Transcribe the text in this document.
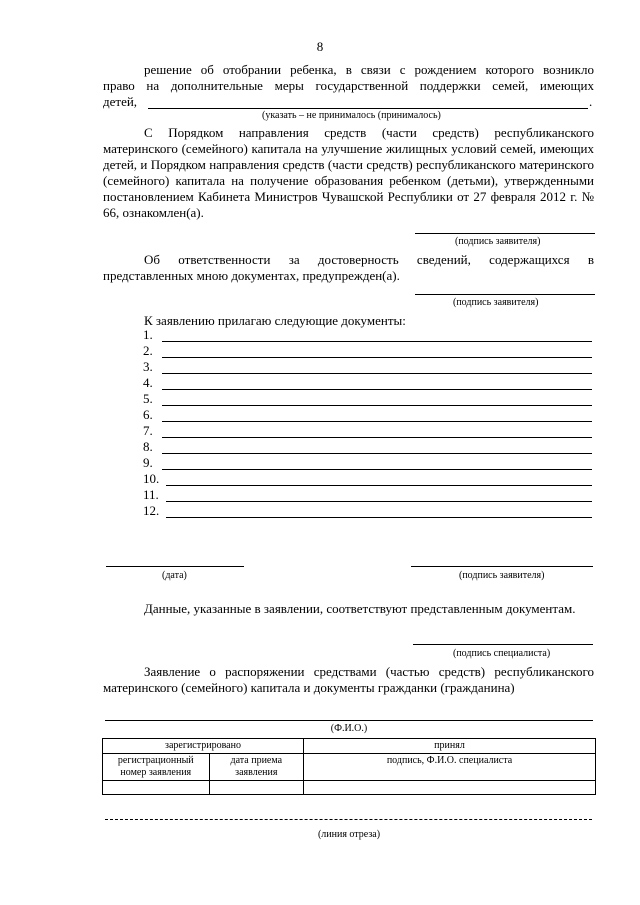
8
решение об отобрании ребенка, в связи с рождением которого возникло
право на дополнительные меры государственной поддержки семей, имеющих
детей,	.
(указать – не принималось (принималось)
С Порядком направления средств (части средств) республиканского материнского (семейного) капитала на улучшение жилищных условий семей, имеющих детей, и Порядком направления средств (части средств) республиканского материнского (семейного) капитала на получение образования ребенком (детьми), утвержденными постановлением Кабинета Министров Чувашской Республики от 27 февраля 2012 г. № 66, ознакомлен(а).
(подпись заявителя)
Об ответственности за достоверность сведений, содержащихся в представленных мною документах, предупрежден(а).
(подпись заявителя)
К заявлению прилагаю следующие документы:
1.
2.
3.
4.
5.
6.
7.
8.
9.
10.
11.
12.
(дата)	(подпись заявителя)
Данные, указанные в заявлении, соответствуют представленным документам.
(подпись специалиста)
Заявление о распоряжении средствами (частью средств) республиканского материнского (семейного) капитала и документы гражданки (гражданина)
(Ф.И.О.)
зарегистрировано		принял
регистрационный номер заявления	дата приема заявления	подпись, Ф.И.О. специалиста

(линия отреза)
